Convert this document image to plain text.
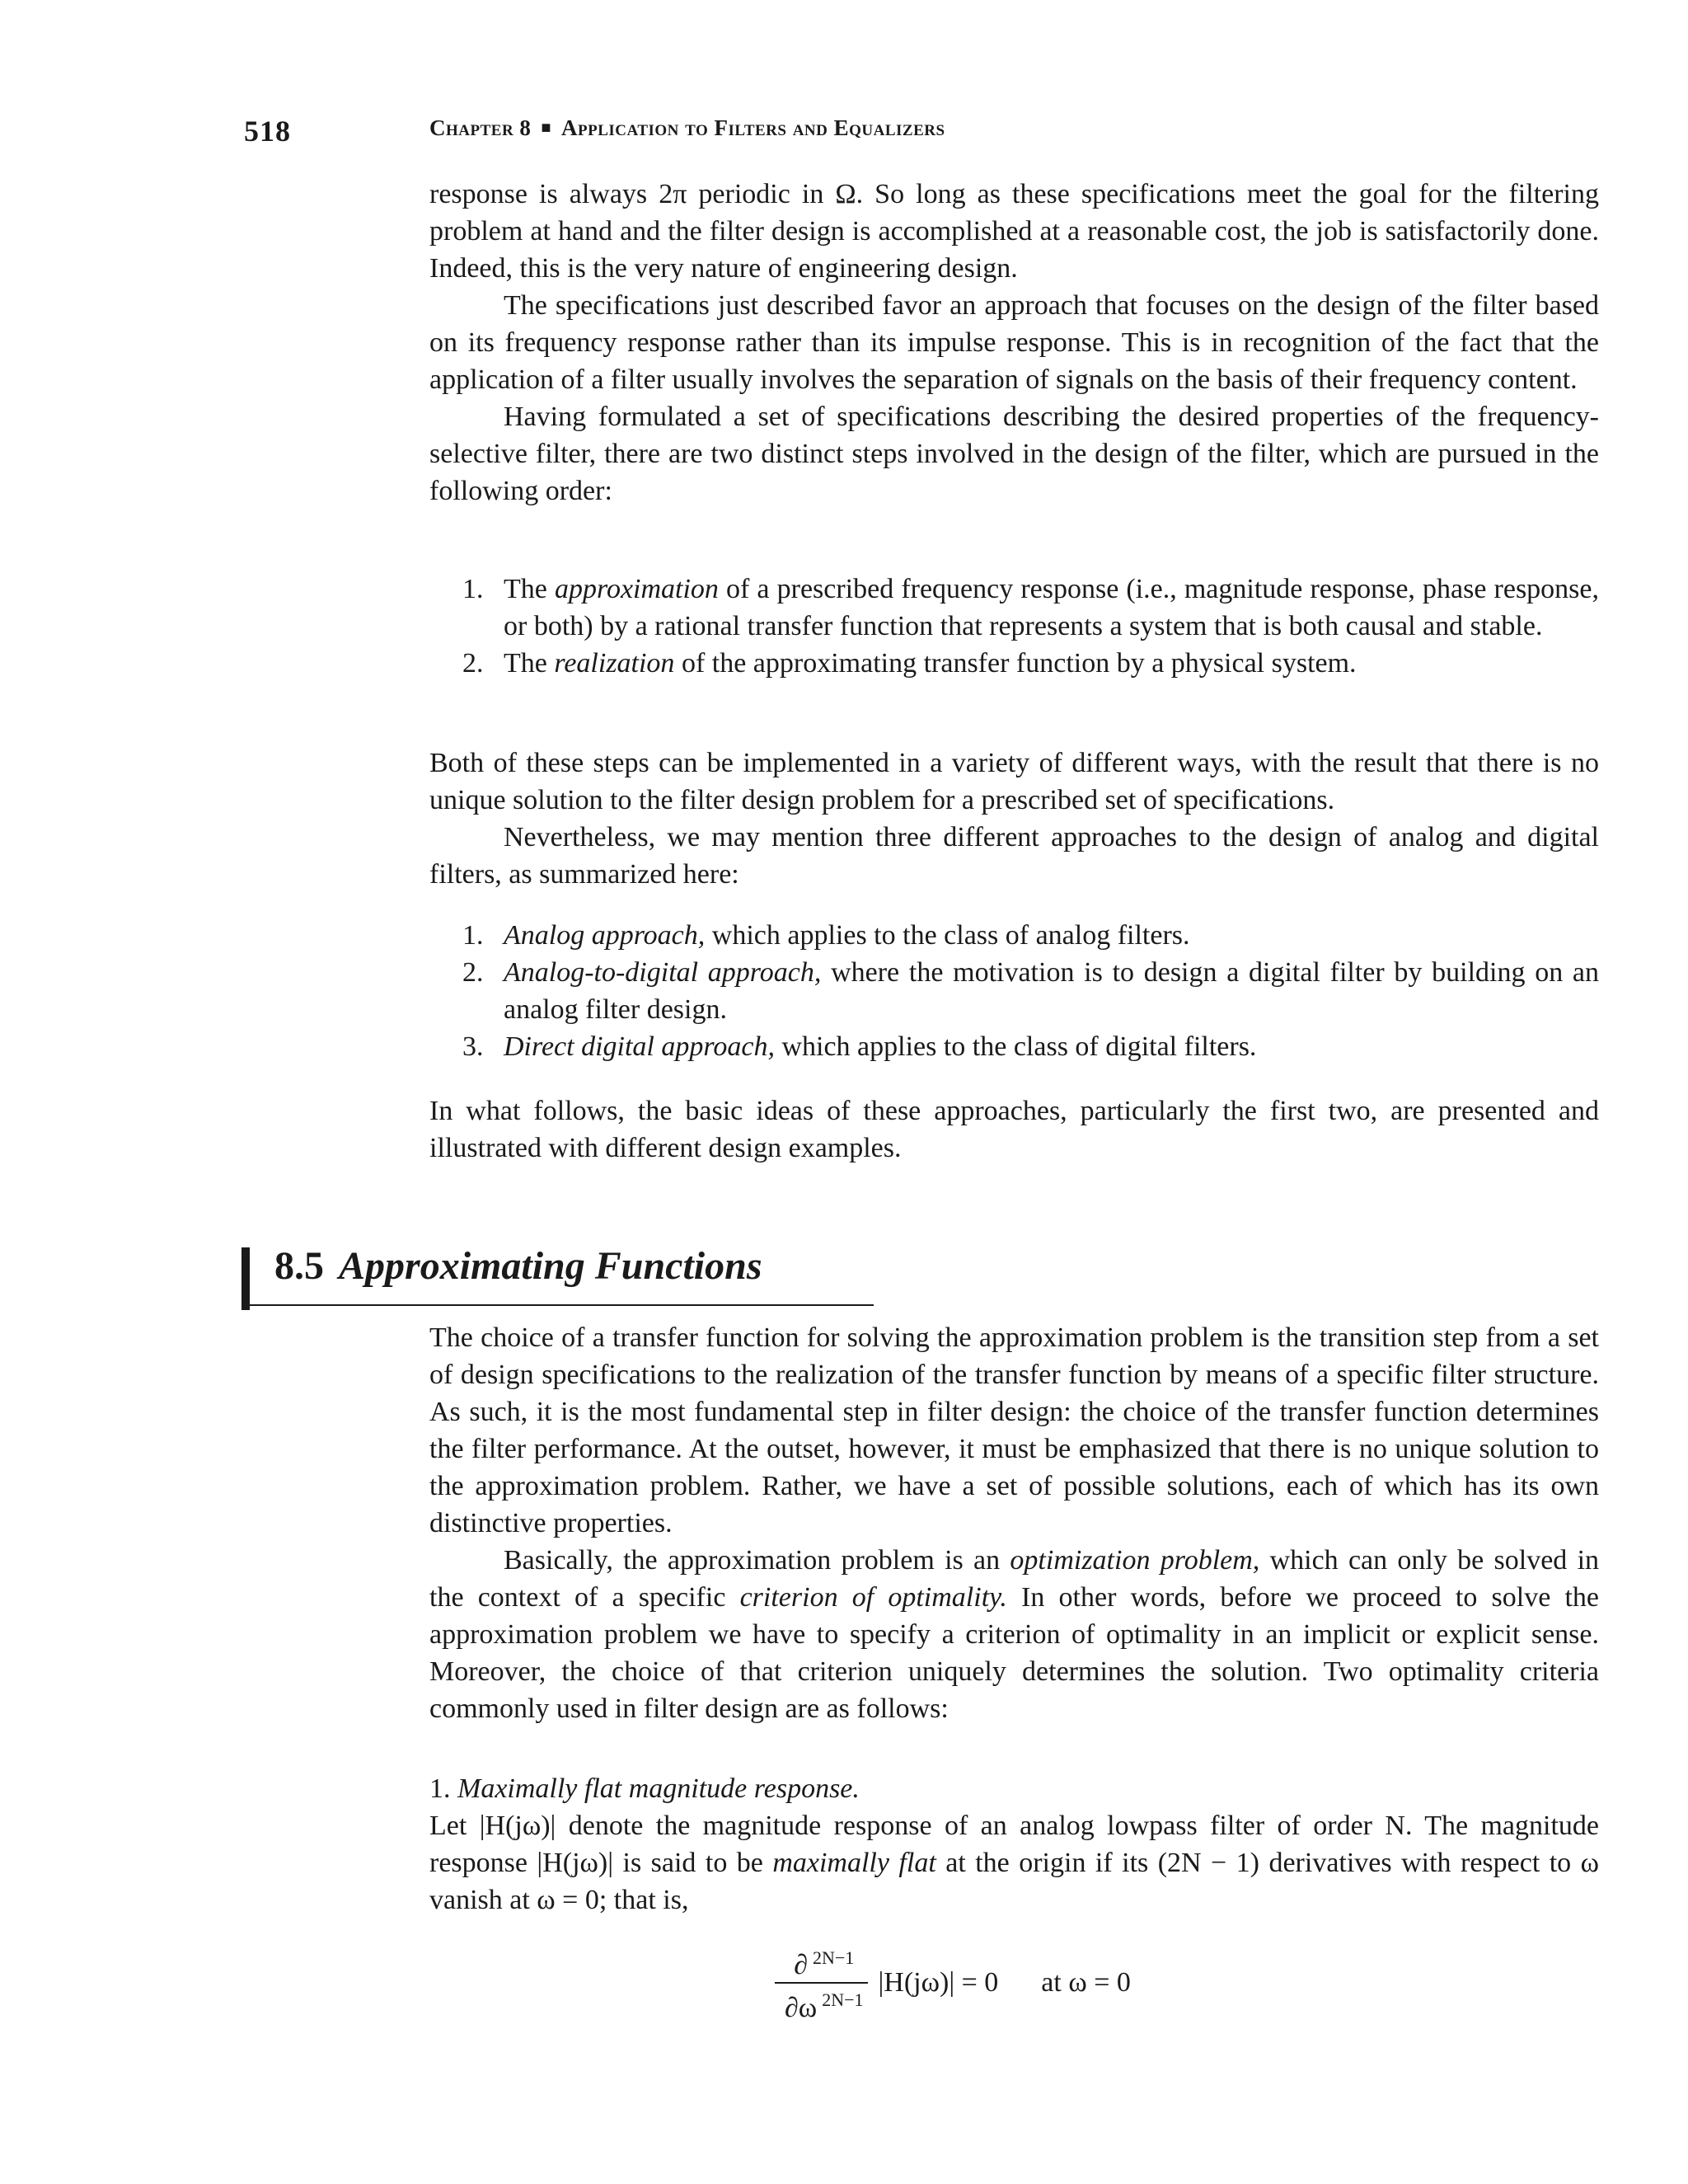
518	Chapter 8 ■ Application to Filters and Equalizers

response is always 2π periodic in Ω. So long as these specifications meet the goal for the filtering problem at hand and the filter design is accomplished at a reasonable cost, the job is satisfactorily done. Indeed, this is the very nature of engineering design.

The specifications just described favor an approach that focuses on the design of the filter based on its frequency response rather than its impulse response. This is in recognition of the fact that the application of a filter usually involves the separation of signals on the basis of their frequency content.

Having formulated a set of specifications describing the desired properties of the frequency-selective filter, there are two distinct steps involved in the design of the filter, which are pursued in the following order:

1. The approximation of a prescribed frequency response (i.e., magnitude response, phase response, or both) by a rational transfer function that represents a system that is both causal and stable.
2. The realization of the approximating transfer function by a physical system.

Both of these steps can be implemented in a variety of different ways, with the result that there is no unique solution to the filter design problem for a prescribed set of specifications.

Nevertheless, we may mention three different approaches to the design of analog and digital filters, as summarized here:

1. Analog approach, which applies to the class of analog filters.
2. Analog-to-digital approach, where the motivation is to design a digital filter by building on an analog filter design.
3. Direct digital approach, which applies to the class of digital filters.

In what follows, the basic ideas of these approaches, particularly the first two, are presented and illustrated with different design examples.

8.5 Approximating Functions

The choice of a transfer function for solving the approximation problem is the transition step from a set of design specifications to the realization of the transfer function by means of a specific filter structure. As such, it is the most fundamental step in filter design: the choice of the transfer function determines the filter performance. At the outset, however, it must be emphasized that there is no unique solution to the approximation problem. Rather, we have a set of possible solutions, each of which has its own distinctive properties.

Basically, the approximation problem is an optimization problem, which can only be solved in the context of a specific criterion of optimality. In other words, before we proceed to solve the approximation problem we have to specify a criterion of optimality in an implicit or explicit sense. Moreover, the choice of that criterion uniquely determines the solution. Two optimality criteria commonly used in filter design are as follows:

1. Maximally flat magnitude response.

Let |H(jω)| denote the magnitude response of an analog lowpass filter of order N. The magnitude response |H(jω)| is said to be maximally flat at the origin if its (2N − 1) derivatives with respect to ω vanish at ω = 0; that is,

$\frac{\partial ^{2N-1}}{\partial\omega ^{2N-1}} |H(j\omega)| = 0$ at ω = 0
